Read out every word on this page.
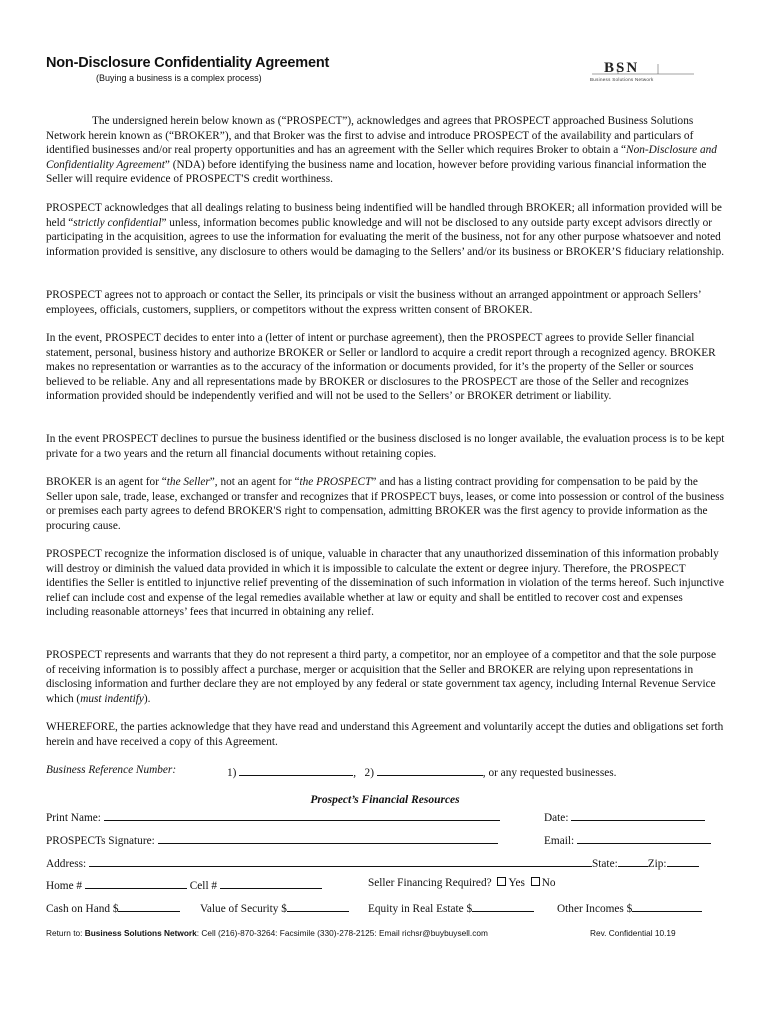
Non-Disclosure Confidentiality Agreement
(Buying a business is a complex process)
BSN
Business Solutions Network

The undersigned herein below known as (“PROSPECT”), acknowledges and agrees that PROSPECT approached Business Solutions Network herein known as (“BROKER”), and that Broker was the first to advise and introduce PROSPECT of the availability and particulars of identified businesses and/or real property opportunities and has an agreement with the Seller which requires Broker to obtain a “Non-Disclosure and Confidentiality Agreement” (NDA) before identifying the business name and location, however before providing various financial information the Seller will require evidence of PROSPECT'S credit worthiness.

PROSPECT acknowledges that all dealings relating to business being indentified will be handled through BROKER; all information provided will be held “strictly confidential” unless, information becomes public knowledge and will not be disclosed to any outside party except advisors directly or participating in the acquisition, agrees to use the information for evaluating the merit of the business, not for any other purpose whatsoever and noted information provided is sensitive, any disclosure to others would be damaging to the Sellers’ and/or its business or BROKER’S fiduciary relationship.

PROSPECT agrees not to approach or contact the Seller, its principals or visit the business without an arranged appointment or approach Sellers’ employees, officials, customers, suppliers, or competitors without the express written consent of BROKER.

In the event, PROSPECT decides to enter into a (letter of intent or purchase agreement), then the PROSPECT agrees to provide Seller financial statement, personal, business history and authorize BROKER or Seller or landlord to acquire a credit report through a recognized agency. BROKER makes no representation or warranties as to the accuracy of the information or documents provided, for it’s the property of the Seller or sources believed to be reliable. Any and all representations made by BROKER or disclosures to the PROSPECT are those of the Seller and recognizes information provided should be independently verified and will not be used to the Sellers’ or BROKER detriment or liability.

In the event PROSPECT declines to pursue the business identified or the business disclosed is no longer available, the evaluation process is to be kept private for a two years and the return all financial documents without retaining copies.

BROKER is an agent for “the Seller”, not an agent for “the PROSPECT” and has a listing contract providing for compensation to be paid by the Seller upon sale, trade, lease, exchanged or transfer and recognizes that if PROSPECT buys, leases, or come into possession or control of the business or premises each party agrees to defend BROKER'S right to compensation, admitting BROKER was the first agency to provide information as the procuring cause.

PROSPECT recognize the information disclosed is of unique, valuable in character that any unauthorized dissemination of this information probably will destroy or diminish the valued data provided in which it is impossible to calculate the extent or degree injury. Therefore, the PROSPECT identifies the Seller is entitled to injunctive relief preventing of the dissemination of such information in violation of the terms hereof. Such injunctive relief can include cost and expense of the legal remedies available whether at law or equity and shall be entitled to recover cost and expenses including reasonable attorneys’ fees that incurred in obtaining any relief.

PROSPECT represents and warrants that they do not represent a third party, a competitor, nor an employee of a competitor and that the sole purpose of receiving information is to possibly affect a purchase, merger or acquisition that the Seller and BROKER are relying upon representations in disclosing information and further declare they are not employed by any federal or state government tax agency, including Internal Revenue Service which (must indentify).

WHEREFORE, the parties acknowledge that they have read and understand this Agreement and voluntarily accept the duties and obligations set forth herein and have received a copy of this Agreement.

Business Reference Number:	1)	,   2)	, or any requested businesses.
Prospect’s Financial Resources
Print Name:	Date:
PROSPECTs Signature:	Email:
Address:	State:	Zip:
Home #	Cell #	Seller Financing Required? Yes No
Cash on Hand $	Value of Security $	Equity in Real Estate $	Other Incomes $
Return to: Business Solutions Network: Cell (216)-870-3264: Facsimile (330)-278-2125: Email richsr@buybuysell.com	Rev. Confidential 10.19
